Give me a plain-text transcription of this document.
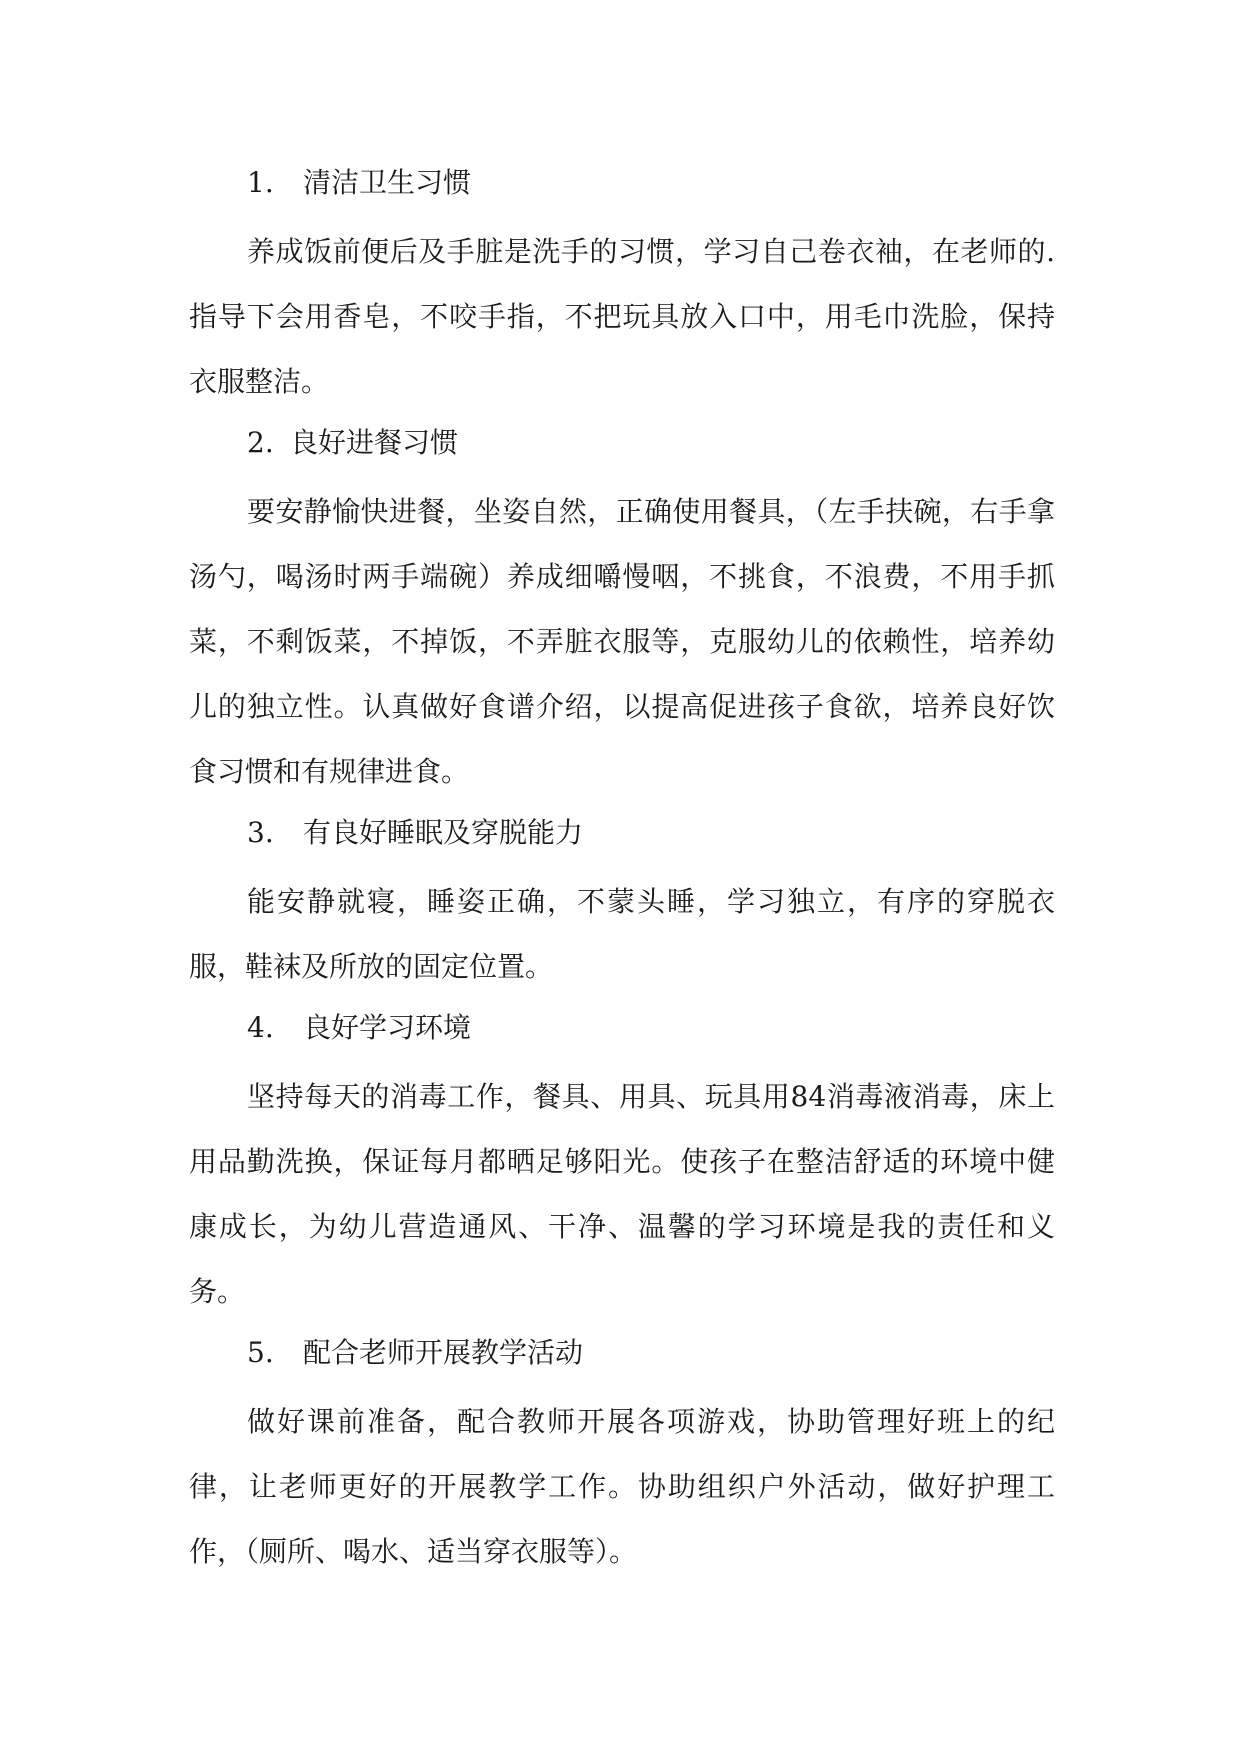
1. 清洁卫生习惯
养成饭前便后及手脏是洗手的习惯，学习自己卷衣袖，在老师的.指导下会用香皂，不咬手指，不把玩具放入口中，用毛巾洗脸，保持衣服整洁。
2. 良好进餐习惯
要安静愉快进餐，坐姿自然，正确使用餐具，（左手扶碗，右手拿汤勺，喝汤时两手端碗）养成细嚼慢咽，不挑食，不浪费，不用手抓菜，不剩饭菜，不掉饭，不弄脏衣服等，克服幼儿的依赖性，培养幼儿的独立性。认真做好食谱介绍，以提高促进孩子食欲，培养良好饮食习惯和有规律进食。
3. 有良好睡眠及穿脱能力
能安静就寝，睡姿正确，不蒙头睡，学习独立，有序的穿脱衣服，鞋袜及所放的固定位置。
4. 良好学习环境
坚持每天的消毒工作，餐具、用具、玩具用84消毒液消毒，床上用品勤洗换，保证每月都晒足够阳光。使孩子在整洁舒适的环境中健康成长，为幼儿营造通风、干净、温馨的学习环境是我的责任和义务。
5. 配合老师开展教学活动
做好课前准备，配合教师开展各项游戏，协助管理好班上的纪律，让老师更好的开展教学工作。协助组织户外活动，做好护理工作，（厕所、喝水、适当穿衣服等）。
